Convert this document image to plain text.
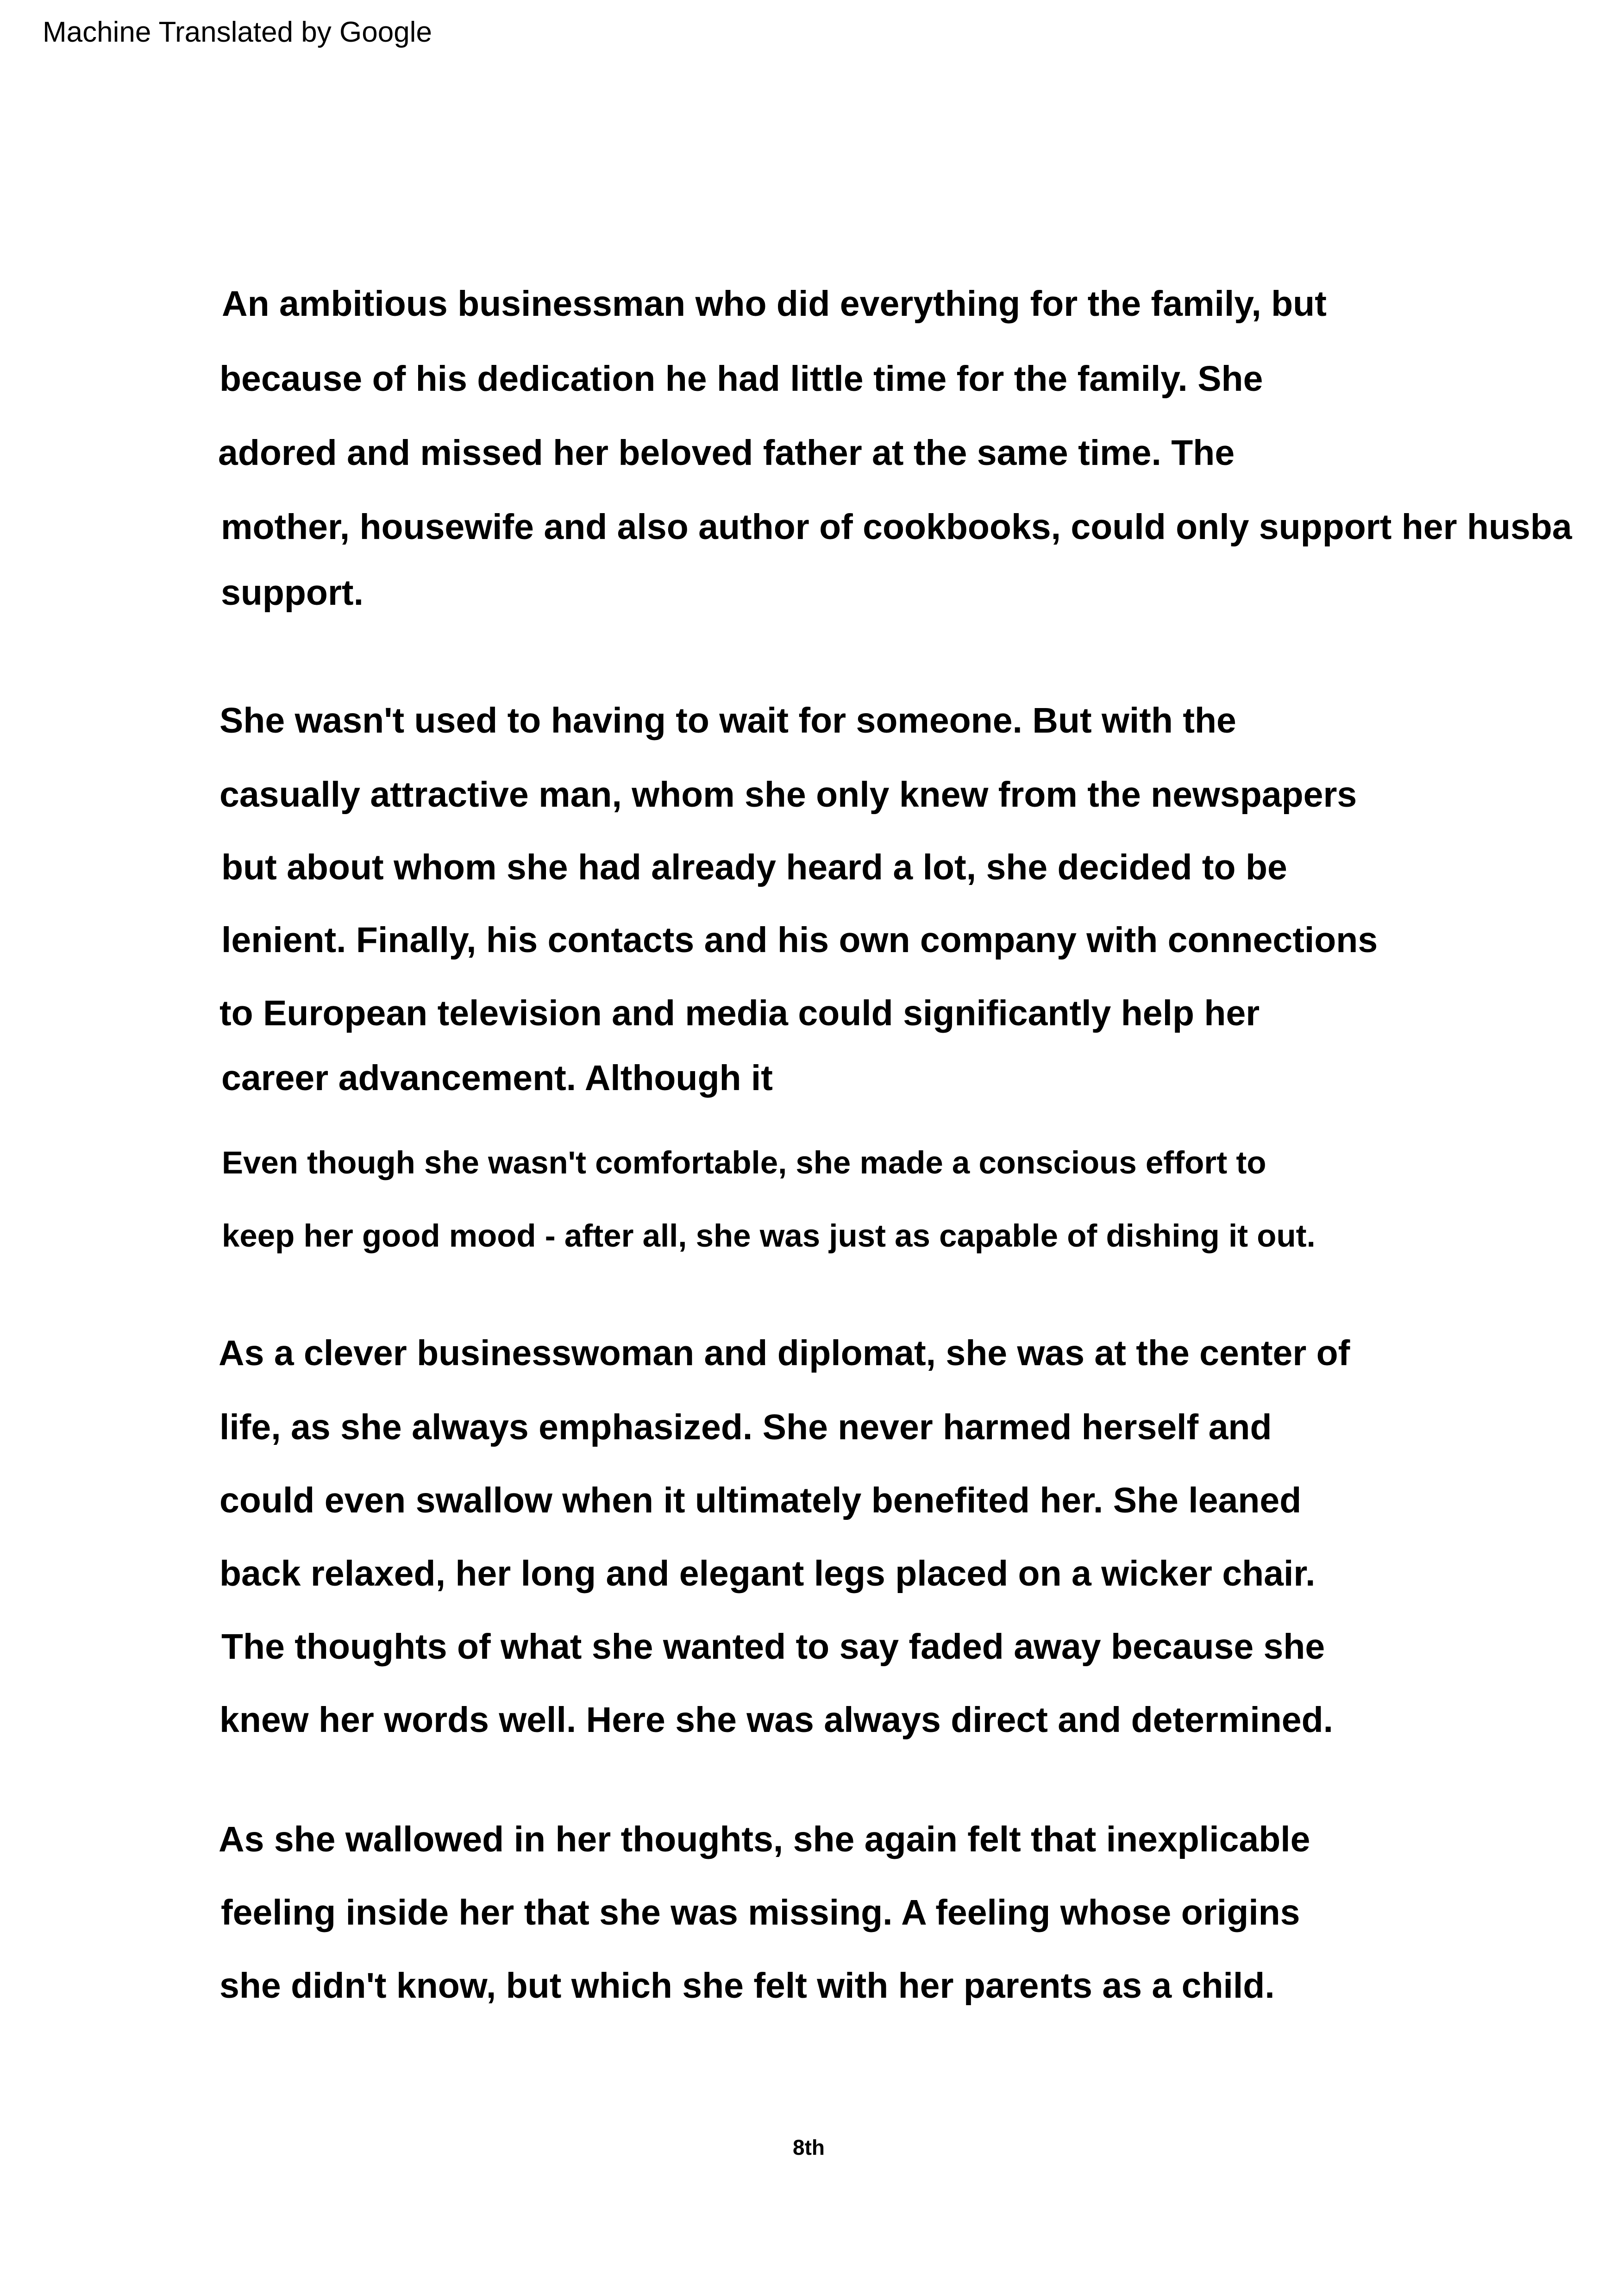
Machine Translated by Google
An ambitious businessman who did everything for the family, but
because of his dedication he had little time for the family. She
adored and missed her beloved father at the same time. The
mother, housewife and also author of cookbooks, could only support her husba
support.
She wasn't used to having to wait for someone. But with the
casually attractive man, whom she only knew from the newspapers
but about whom she had already heard a lot, she decided to be
lenient. Finally, his contacts and his own company with connections
to European television and media could significantly help her
career advancement. Although it
Even though she wasn't comfortable, she made a conscious effort to
keep her good mood - after all, she was just as capable of dishing it out.
As a clever businesswoman and diplomat, she was at the center of
life, as she always emphasized. She never harmed herself and
could even swallow when it ultimately benefited her. She leaned
back relaxed, her long and elegant legs placed on a wicker chair.
The thoughts of what she wanted to say faded away because she
knew her words well. Here she was always direct and determined.
As she wallowed in her thoughts, she again felt that inexplicable
feeling inside her that she was missing. A feeling whose origins
she didn't know, but which she felt with her parents as a child.
8th
